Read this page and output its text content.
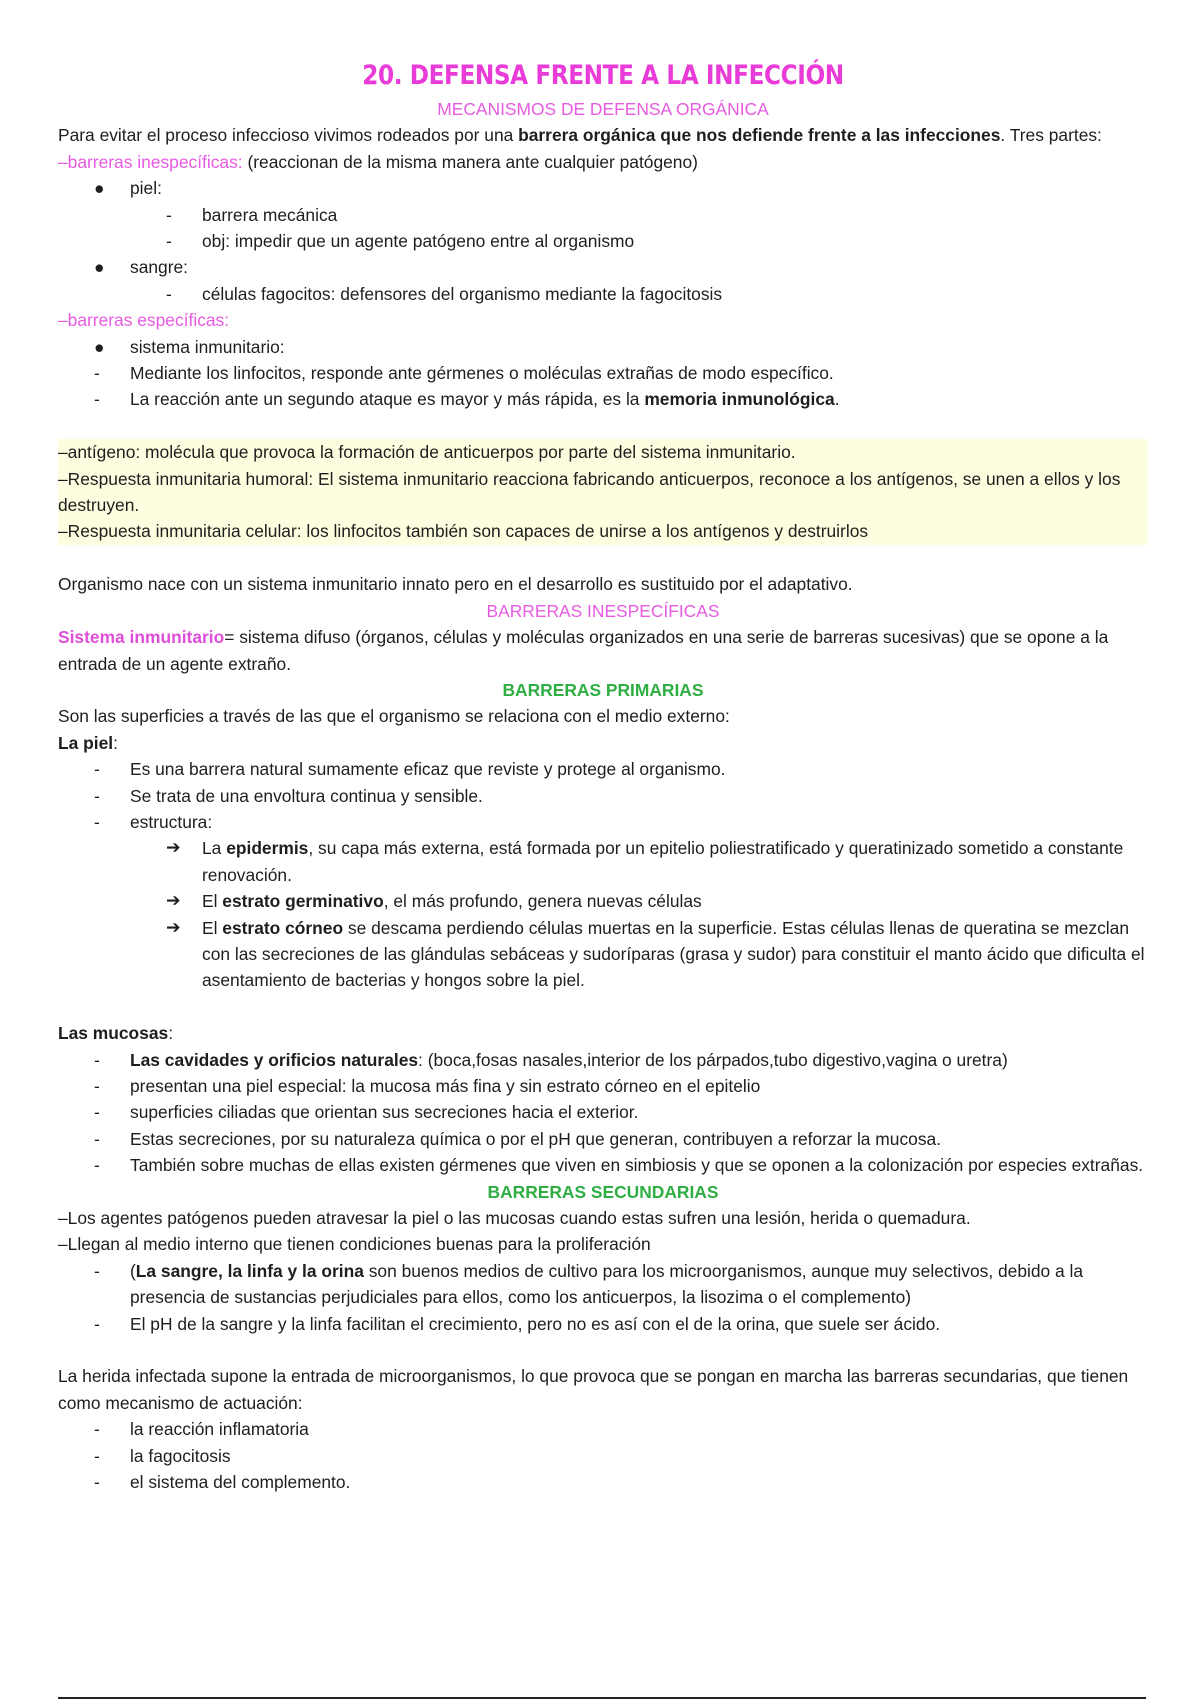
20. DEFENSA FRENTE A LA INFECCIÓN
MECANISMOS DE DEFENSA ORGÁNICA
Para evitar el proceso infeccioso vivimos rodeados por una barrera orgánica que nos defiende frente a las infecciones. Tres partes:
–barreras inespecíficas: (reaccionan de la misma manera ante cualquier patógeno)
● piel:
- barrera mecánica
- obj: impedir que un agente patógeno entre al organismo
● sangre:
- células fagocitos: defensores del organismo mediante la fagocitosis
–barreras específicas:
● sistema inmunitario:
- Mediante los linfocitos, responde ante gérmenes o moléculas extrañas de modo específico.
- La reacción ante un segundo ataque es mayor y más rápida, es la memoria inmunológica.
–antígeno: molécula que provoca la formación de anticuerpos por parte del sistema inmunitario.
–Respuesta inmunitaria humoral: El sistema inmunitario reacciona fabricando anticuerpos, reconoce a los antígenos, se unen a ellos y los destruyen.
–Respuesta inmunitaria celular: los linfocitos también son capaces de unirse a los antígenos y destruirlos
Organismo nace con un sistema inmunitario innato pero en el desarrollo es sustituido por el adaptativo.
BARRERAS INESPECÍFICAS
Sistema inmunitario= sistema difuso (órganos, células y moléculas organizados en una serie de barreras sucesivas) que se opone a la entrada de un agente extraño.
BARRERAS PRIMARIAS
Son las superficies a través de las que el organismo se relaciona con el medio externo:
La piel:
- Es una barrera natural sumamente eficaz que reviste y protege al organismo.
- Se trata de una envoltura continua y sensible.
- estructura:
➔ La epidermis, su capa más externa, está formada por un epitelio poliestratificado y queratinizado sometido a constante renovación.
➔ El estrato germinativo, el más profundo, genera nuevas células
➔ El estrato córneo se descama perdiendo células muertas en la superficie. Estas células llenas de queratina se mezclan con las secreciones de las glándulas sebáceas y sudoríparas (grasa y sudor) para constituir el manto ácido que dificulta el asentamiento de bacterias y hongos sobre la piel.
Las mucosas:
- Las cavidades y orificios naturales: (boca,fosas nasales,interior de los párpados,tubo digestivo,vagina o uretra)
- presentan una piel especial: la mucosa más fina y sin estrato córneo en el epitelio
- superficies ciliadas que orientan sus secreciones hacia el exterior.
- Estas secreciones, por su naturaleza química o por el pH que generan, contribuyen a reforzar la mucosa.
- También sobre muchas de ellas existen gérmenes que viven en simbiosis y que se oponen a la colonización por especies extrañas.
BARRERAS SECUNDARIAS
–Los agentes patógenos pueden atravesar la piel o las mucosas cuando estas sufren una lesión, herida o quemadura.
–Llegan al medio interno que tienen condiciones buenas para la proliferación
- (La sangre, la linfa y la orina son buenos medios de cultivo para los microorganismos, aunque muy selectivos, debido a la presencia de sustancias perjudiciales para ellos, como los anticuerpos, la lisozima o el complemento)
- El pH de la sangre y la linfa facilitan el crecimiento, pero no es así con el de la orina, que suele ser ácido.
La herida infectada supone la entrada de microorganismos, lo que provoca que se pongan en marcha las barreras secundarias, que tienen como mecanismo de actuación:
- la reacción inflamatoria
- la fagocitosis
- el sistema del complemento.
